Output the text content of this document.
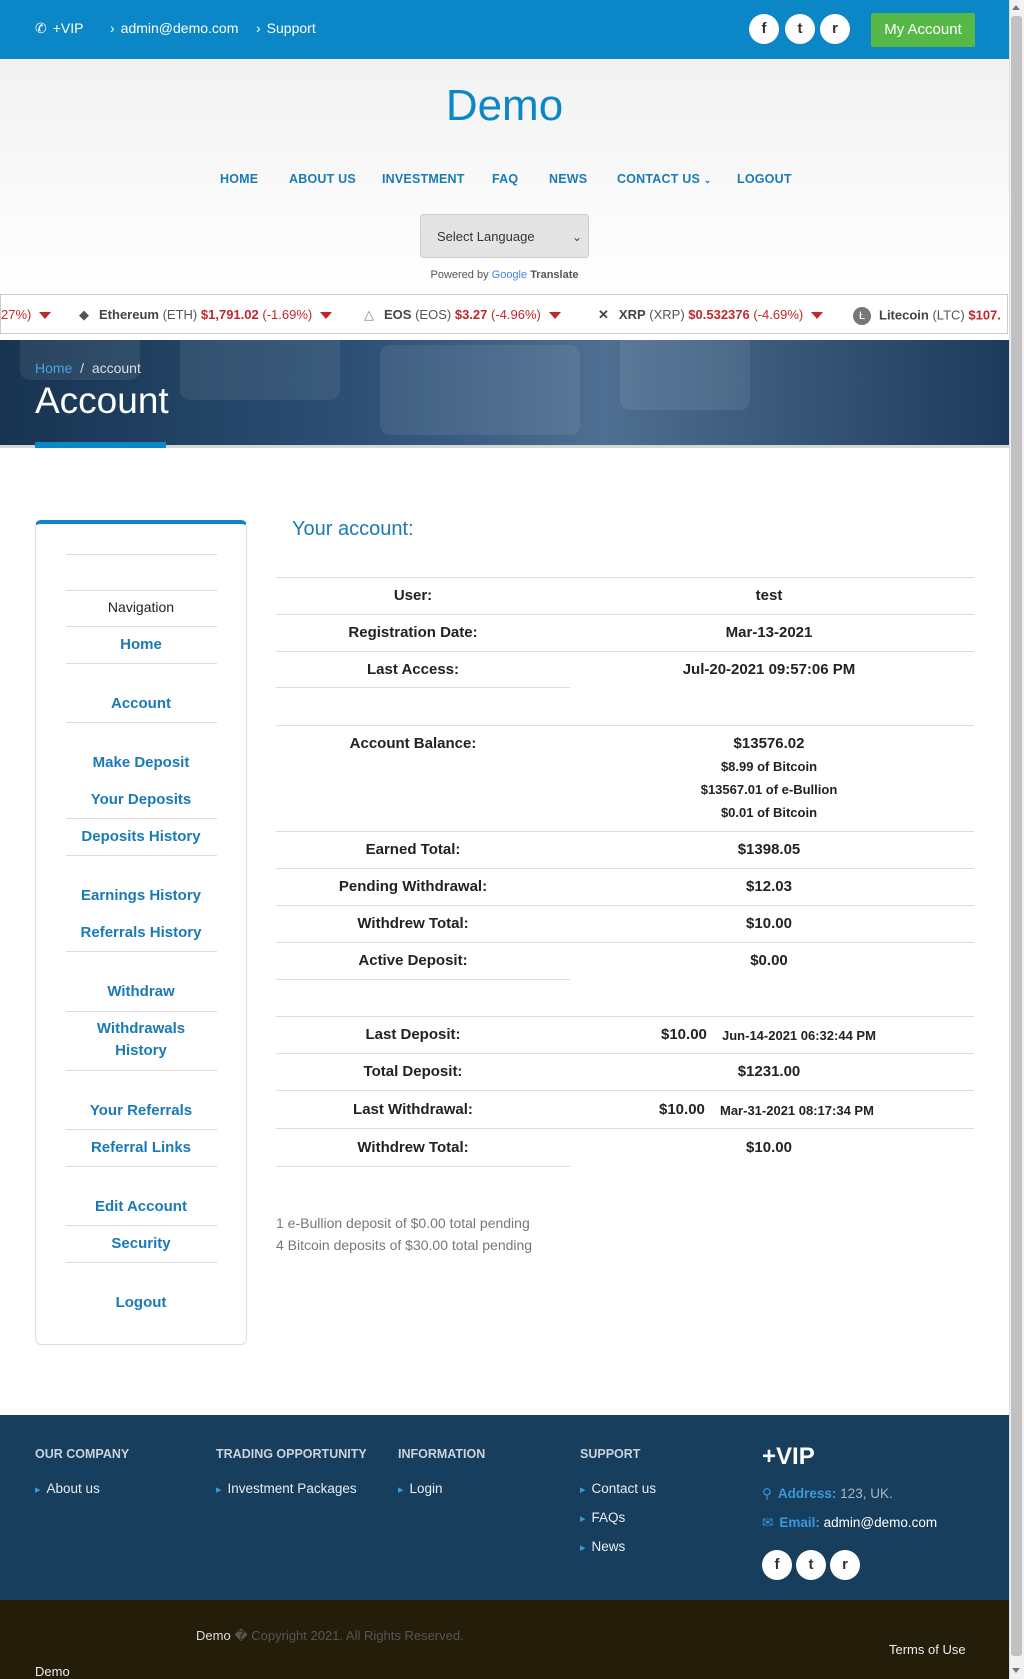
✆ +VIP › admin@demo.com › Support	f	t	r	My Account
Demo
HOME ABOUT US INVESTMENT FAQ NEWS CONTACT US ⌄ LOGOUT
Select Language	⌄
Powered by Google Translate
27%)	◆ Ethereum (ETH) $1,791.02 (-1.69%)	△ EOS (EOS) $3.27 (-4.96%)	✕ XRP (XRP) $0.532376 (-4.69%)	Ł Litecoin (LTC) $107.
Home / account
Account
Navigation
Home
Account
Make Deposit
Your Deposits
Deposits History
Earnings History
Referrals History
Withdraw
Withdrawals
History
Your Referrals
Referral Links
Edit Account
Security
Logout
Your account:
User:	test
Registration Date:	Mar-13-2021
Last Access:	Jul-20-2021 09:57:06 PM
Account Balance:	$13576.02
$8.99 of Bitcoin
$13567.01 of e-Bullion
$0.01 of Bitcoin
Earned Total:	$1398.05
Pending Withdrawal:	$12.03
Withdrew Total:	$10.00
Active Deposit:	$0.00
Last Deposit:	$10.00 Jun-14-2021 06:32:44 PM
Total Deposit:	$1231.00
Last Withdrawal:	$10.00 Mar-31-2021 08:17:34 PM
Withdrew Total:	$10.00
1 e-Bullion deposit of $0.00 total pending
4 Bitcoin deposits of $30.00 total pending
OUR COMPANY
▸ About us
TRADING OPPORTUNITY
▸ Investment Packages
INFORMATION
▸ Login
SUPPORT
▸ Contact us
▸ FAQs
▸ News
+VIP
⚲ Address: 123, UK.
✉ Email: admin@demo.com
f	t	r
Demo � Copyright 2021. All Rights Reserved.
Terms of Use
Demo
